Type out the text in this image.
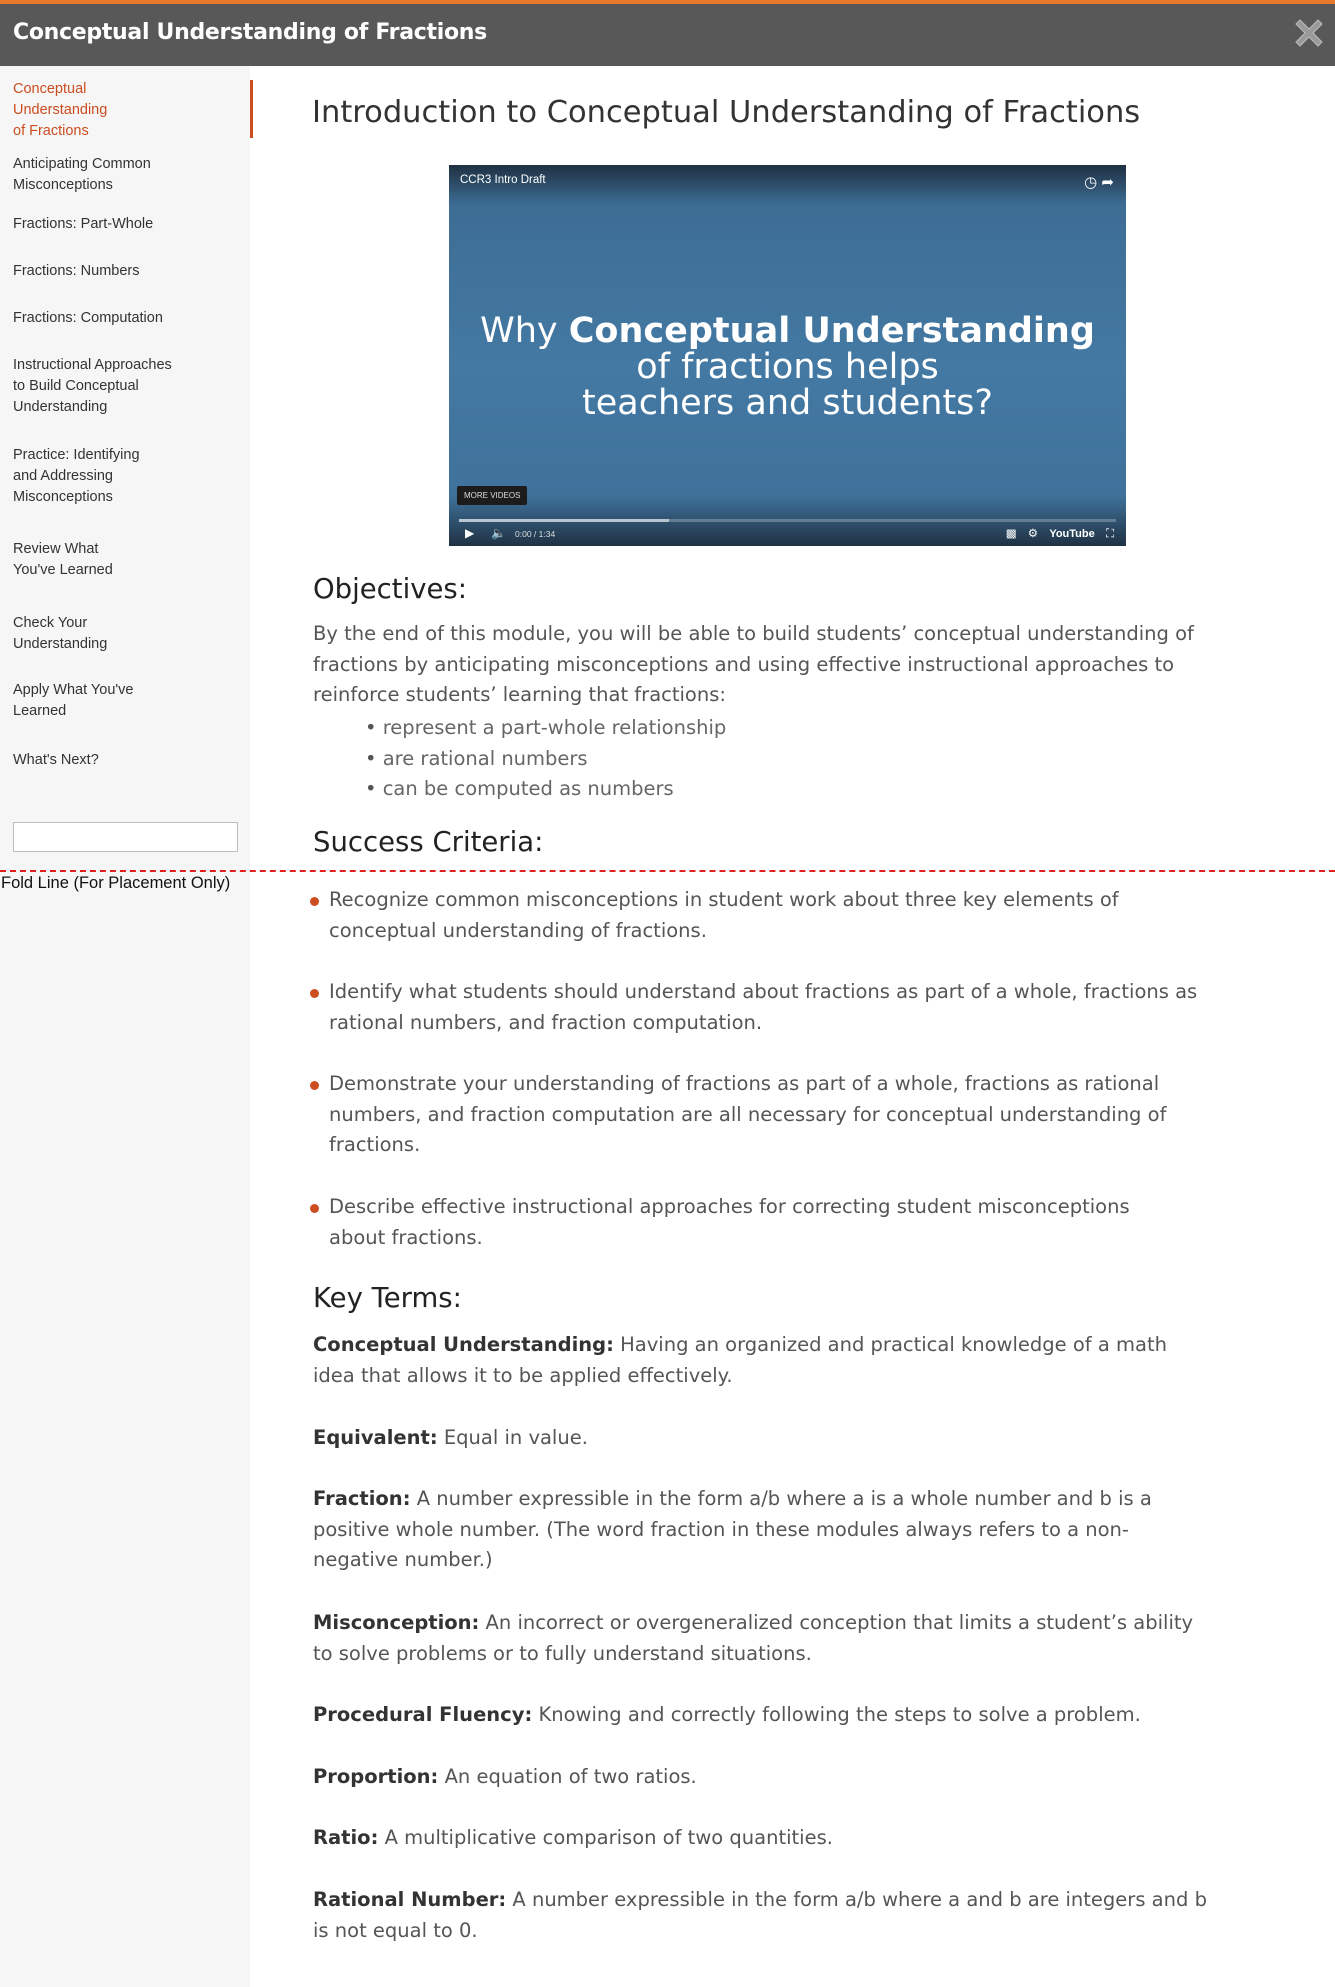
Conceptual Understanding of Fractions
Conceptual
Understanding
of Fractions
Anticipating Common
Misconceptions
Fractions: Part-Whole
Fractions: Numbers
Fractions: Computation
Instructional Approaches
to Build Conceptual
Understanding
Practice: Identifying
and Addressing
Misconceptions
Review What
You've Learned
Check Your
Understanding
Apply What You've
Learned
What's Next?
Fold Line (For Placement Only)
Introduction to Conceptual Understanding of Fractions
CCR3 Intro Draft	◷ ➦
Why Conceptual Understanding
of fractions helps
teachers and students?
MORE VIDEOS
▶ 🔈 0:00 / 1:34	▩ ⚙ YouTube ⛶
Objectives:
By the end of this module, you will be able to build students’ conceptual understanding of fractions by anticipating misconceptions and using effective instructional approaches to reinforce students’ learning that fractions:
• represent a part-whole relationship
• are rational numbers
• can be computed as numbers
Success Criteria:
Recognize common misconceptions in student work about three key elements of conceptual understanding of fractions.
Identify what students should understand about fractions as part of a whole, fractions as rational numbers, and fraction computation.
Demonstrate your understanding of fractions as part of a whole, fractions as rational numbers, and fraction computation are all necessary for conceptual understanding of fractions.
Describe effective instructional approaches for correcting student misconceptions about fractions.
Key Terms:
Conceptual Understanding: Having an organized and practical knowledge of a math idea that allows it to be applied effectively.
Equivalent: Equal in value.
Fraction: A number expressible in the form a/b where a is a whole number and b is a positive whole number. (The word fraction in these modules always refers to a non-negative number.)
Misconception: An incorrect or overgeneralized conception that limits a student’s ability to solve problems or to fully understand situations.
Procedural Fluency: Knowing and correctly following the steps to solve a problem.
Proportion: An equation of two ratios.
Ratio: A multiplicative comparison of two quantities.
Rational Number: A number expressible in the form a/b where a and b are integers and b is not equal to 0.
